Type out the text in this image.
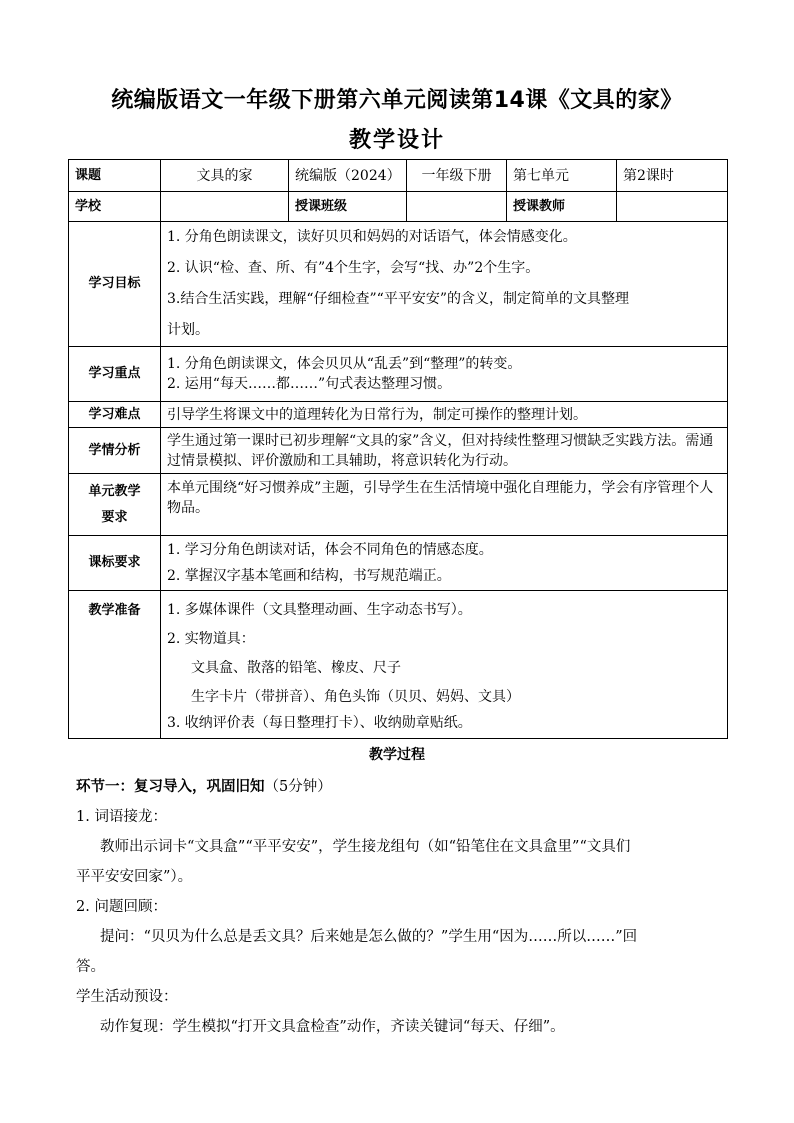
统编版语文一年级下册第六单元阅读第14课《文具的家》
教学设计
课题	文具的家	统编版（2024）	一年级下册	第七单元	第2课时
学校		授课班级		授课教师	
学习目标	1. 分角色朗读课文，读好贝贝和妈妈的对话语气，体会情感变化。
2. 认识“检、查、所、有”4个生字，会写“找、办”2个生字。
3.结合生活实践，理解“仔细检查”“平平安安”的含义，制定简单的文具整理
计划。				

学习重点	1. 分角色朗读课文，体会贝贝从“乱丢”到“整理”的转变。
2. 运用“每天……都……”句式表达整理习惯。				

学习难点	引导学生将课文中的道理转化为日常行为，制定可操作的整理计划。				
学情分析	学生通过第一课时已初步理解“文具的家”含义，但对持续性整理习惯缺乏实践方法。需通过情景模拟、评价激励和工具辅助，将意识转化为行动。				

单元教学
要求	本单元围绕“好习惯养成”主题，引导学生在生活情境中强化自理能力，学会有序管理个人物品。				
课标要求	1. 学习分角色朗读对话，体会不同角色的情感态度。
2. 掌握汉字基本笔画和结构，书写规范端正。				

教学准备	1. 多媒体课件（文具整理动画、生字动态书写）。
2. 实物道具：
文具盒、散落的铅笔、橡皮、尺子
生字卡片（带拼音）、角色头饰（贝贝、妈妈、文具）
3. 收纳评价表（每日整理打卡）、收纳勋章贴纸。				
教学过程
环节一：复习导入，巩固旧知（5分钟）
1. 词语接龙：
教师出示词卡“文具盒”“平平安安”，学生接龙组句（如“铅笔住在文具盒里”“文具们
平平安安回家”）。
2. 问题回顾：
提问：“贝贝为什么总是丢文具？后来她是怎么做的？”学生用“因为……所以……”回
答。
学生活动预设：
动作复现：学生模拟“打开文具盒检查”动作，齐读关键词“每天、仔细”。
